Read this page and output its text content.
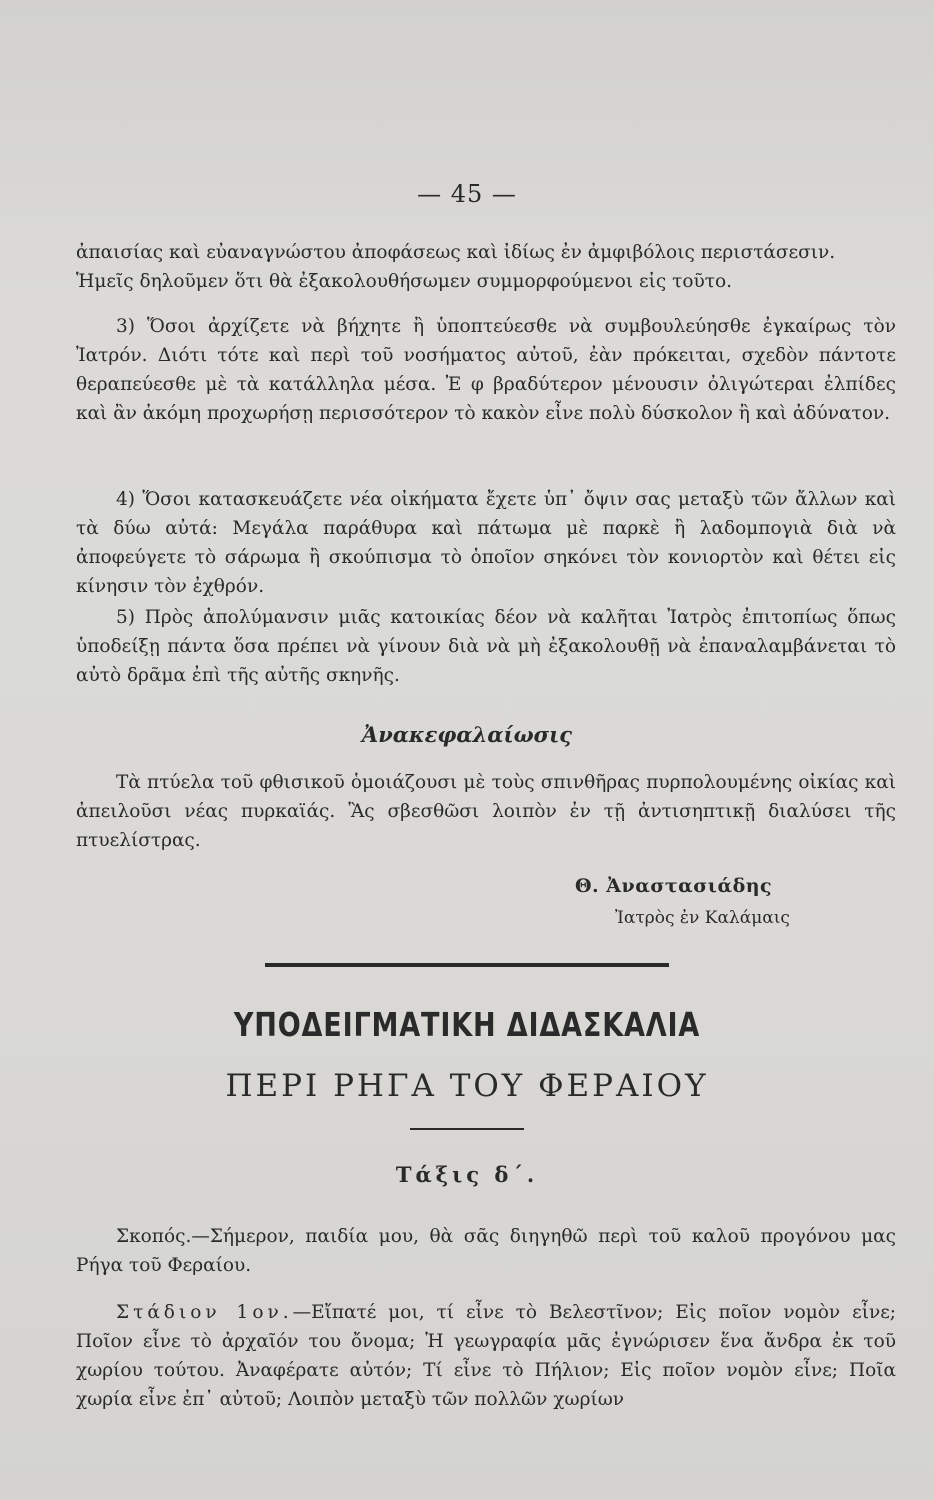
— 45 —

ἀπαισίας καὶ εὐαναγνώστου ἀποφάσεως καὶ ἰδίως ἐν ἀμφιβόλοις περιστάσεσιν.

Ἡμεῖς δηλοῦμεν ὅτι θὰ ἐξακολουθήσωμεν συμμορφούμενοι εἰς τοῦτο.

3) Ὅσοι ἀρχίζετε νὰ βήχητε ἢ ὑποπτεύεσθε νὰ συμβουλεύησθε ἐγκαίρως τὸν Ἰατρόν. Διότι τότε καὶ περὶ τοῦ νοσήματος αὐτοῦ, ἐὰν πρόκειται, σχεδὸν πάντοτε θεραπεύεσθε μὲ τὰ κατάλληλα μέσα. Ἐ φ βραδύτερον μένουσιν ὀλιγώτεραι ἐλπίδες καὶ ἂν ἀκόμη προχωρήσῃ περισσότερον τὸ κακὸν εἶνε πολὺ δύσκολον ἢ καὶ ἀδύνατον.

4) Ὅσοι κατασκευάζετε νέα οἰκήματα ἔχετε ὑπ᾽ ὄψιν σας μεταξὺ τῶν ἄλλων καὶ τὰ δύω αὐτά: Μεγάλα παράθυρα καὶ πάτωμα μὲ παρκὲ ἢ λαδομπογιὰ διὰ νὰ ἀποφεύγετε τὸ σάρωμα ἢ σκούπισμα τὸ ὁποῖον σηκόνει τὸν κονιορτὸν καὶ θέτει εἰς κίνησιν τὸν ἐχθρόν.

5) Πρὸς ἀπολύμανσιν μιᾶς κατοικίας δέον νὰ καλῆται Ἰατρὸς ἐπιτοπίως ὅπως ὑποδείξῃ πάντα ὅσα πρέπει νὰ γίνουν διὰ νὰ μὴ ἐξακολουθῇ νὰ ἐπαναλαμβάνεται τὸ αὐτὸ δρᾶμα ἐπὶ τῆς αὐτῆς σκηνῆς.

Ἀνακεφαλαίωσις

Τὰ πτύελα τοῦ φθισικοῦ ὁμοιάζουσι μὲ τοὺς σπινθῆρας πυρπολουμένης οἰκίας καὶ ἀπειλοῦσι νέας πυρκαϊάς. Ἂς σβεσθῶσι λοιπὸν ἐν τῇ ἀντισηπτικῇ διαλύσει τῆς πτυελίστρας.

Θ. Ἀναστασιάδης
Ἰατρὸς ἐν Καλάμαις
ΥΠΟΔΕΙΓΜΑΤΙΚΗ ΔΙΔΑΣΚΑΛΙΑ
ΠΕΡΙ ΡΗΓΑ ΤΟΥ ΦΕΡΑΙΟΥ
Τάξις δ΄.

Σκοπός.—Σήμερον, παιδία μου, θὰ σᾶς διηγηθῶ περὶ τοῦ καλοῦ προγόνου μας Ρήγα τοῦ Φεραίου.

Στάδιον 1ον.—Εἴπατέ μοι, τί εἶνε τὸ Βελεστῖνον; Εἰς ποῖον νομὸν εἶνε; Ποῖον εἶνε τὸ ἀρχαῖόν του ὄνομα; Ἡ γεωγραφία μᾶς ἐγνώρισεν ἕνα ἄνδρα ἐκ τοῦ χωρίου τούτου. Ἀναφέρατε αὐτόν; Τί εἶνε τὸ Πήλιον; Εἰς ποῖον νομὸν εἶνε; Ποῖα χωρία εἶνε ἐπ᾽ αὐτοῦ; Λοιπὸν μεταξὺ τῶν πολλῶν χωρίων
